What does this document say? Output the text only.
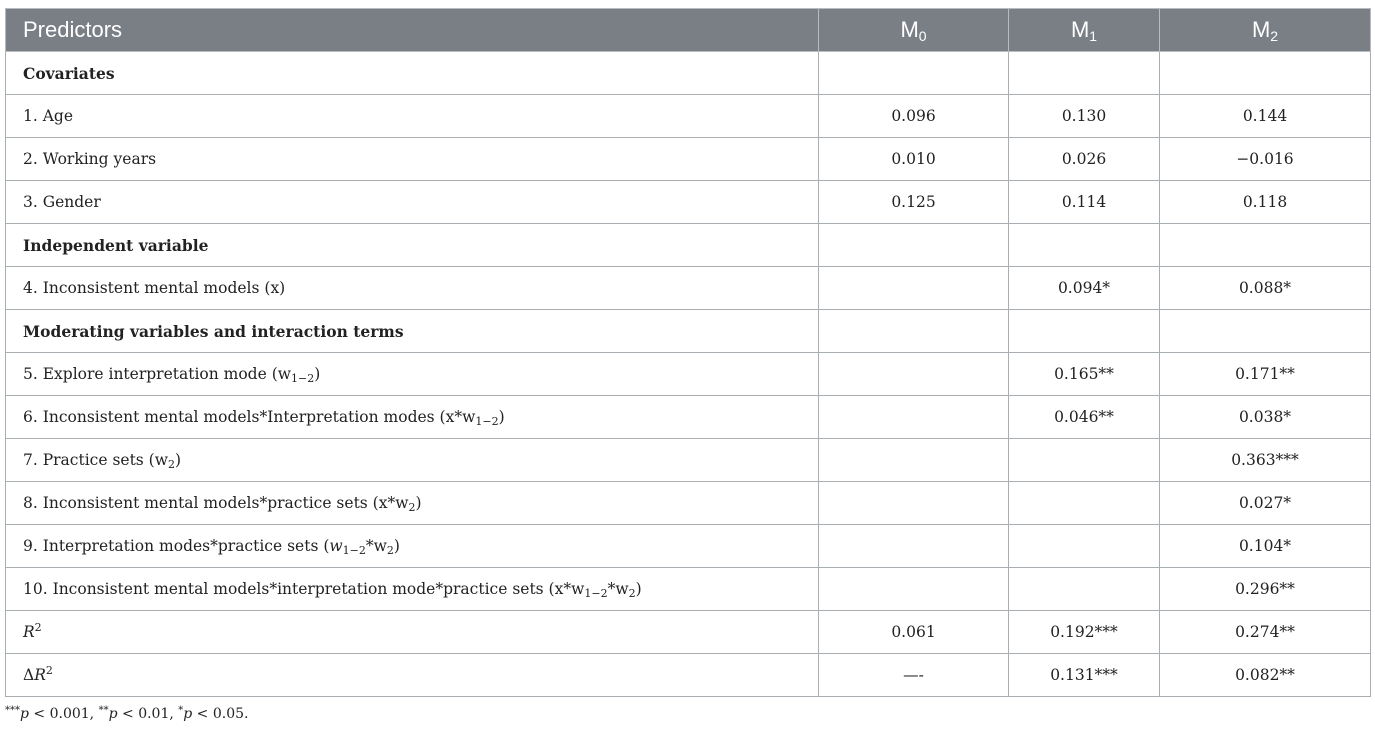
Predictors	$M_0$	$M_1$	$M_2$
Covariates			
1. Age	0.096	0.130	0.144
2. Working years	0.010	0.026	−0.016
3. Gender	0.125	0.114	0.118
Independent variable			
4. Inconsistent mental models (x)		0.094*	0.088*
Moderating variables and interaction terms			
5. Explore interpretation mode $(w_{1-2})$		0.165**	0.171**
6. Inconsistent mental models*Interpretation modes $(x*w_{1-2})$		0.046**	0.038*
7. Practice sets $(w_2)$			0.363***
8. Inconsistent mental models*practice sets $(x*w_2)$			0.027*
9. Interpretation modes*practice sets $(w_{1-2}*w_2)$			0.104*
10. Inconsistent mental models*interpretation mode*practice sets $(x*w_{1-2}*w_2)$			0.296**
$R^2$	0.061	0.192***	0.274**
$\Delta R^2$	—-	0.131***	0.082**
***p < 0.001, **p < 0.01, *p < 0.05.
